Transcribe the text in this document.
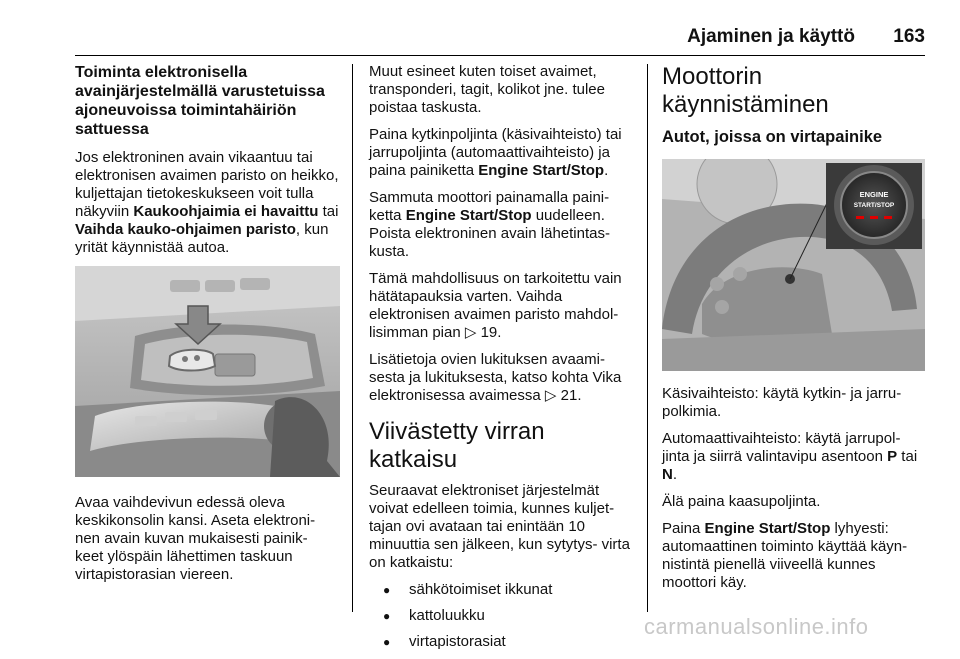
Ajaminen ja käyttö 163
Toiminta elektronisella avainjärjestelmällä varustetuissa ajoneuvoissa toimintahäiriön sattuessa

Jos elektroninen avain vikaantuu tai elektronisen avaimen paristo on heikko, kuljettajan tietokeskukseen voit tulla näkyviin Kaukoohjaimia ei havaittu tai Vaihda kauko-ohjaimen paristo, kun yrität käynnistää autoa.

Avaa vaihdevivun edessä oleva keskikonsolin kansi. Aseta elektroni- nen avain kuvan mukaisesti painik- keet ylöspäin lähettimen taskuun virtapistorasian viereen.

Muut esineet kuten toiset avaimet, transponderi, tagit, kolikot jne. tulee poistaa taskusta.

Paina kytkinpoljinta (käsivaihteisto) tai jarrupoljinta (automaattivaihteisto) ja paina painiketta Engine Start/Stop.

Sammuta moottori painamalla paini- ketta Engine Start/Stop uudelleen. Poista elektroninen avain lähetintas- kusta.

Tämä mahdollisuus on tarkoitettu vain hätätapauksia varten. Vaihda elektronisen avaimen paristo mahdol- lisimman pian ▷ 19.

Lisätietoja ovien lukituksen avaami- sesta ja lukituksesta, katso kohta Vika elektronisessa avaimessa ▷ 21.

Viivästetty virran katkaisu

Seuraavat elektroniset järjestelmät voivat edelleen toimia, kunnes kuljet- tajan ovi avataan tai enintään 10 minuuttia sen jälkeen, kun sytytys- virta on katkaistu:

● sähkötoimiset ikkunat
● kattoluukku
● virtapistorasiat
Moottorin käynnistäminen
Autot, joissa on virtapainike
ENGINE
START/STOP

Käsivaihteisto: käytä kytkin- ja jarru- polkimia.

Automaattivaihteisto: käytä jarrupol- jinta ja siirrä valintavipu asentoon P tai N.

Älä paina kaasupoljinta.

Paina Engine Start/Stop lyhyesti: automaattinen toiminto käyttää käyn- nistintä pienellä viiveellä kunnes moottori käy.

carmanualsonline.info
